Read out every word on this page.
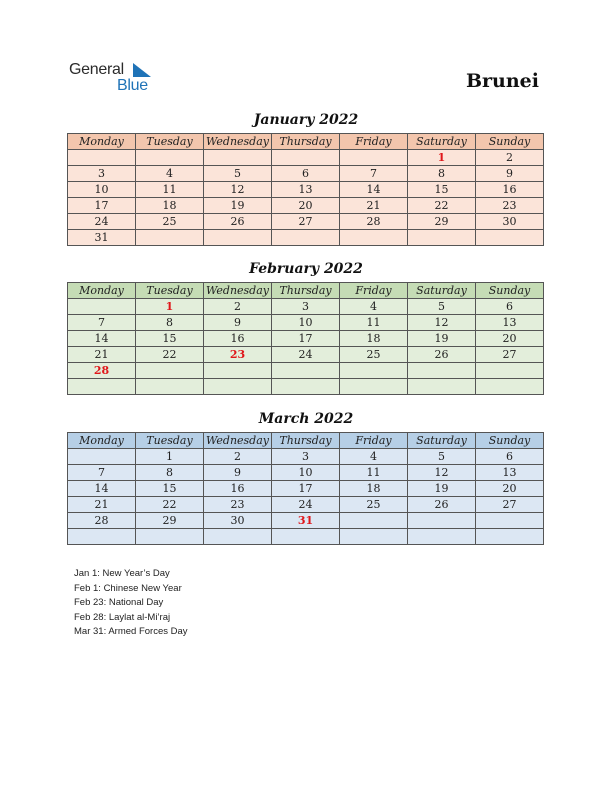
General
Blue	Brunei
January 2022
Monday	Tuesday	Wednesday	Thursday	Friday	Saturday	Sunday
					1	2
3	4	5	6	7	8	9
10	11	12	13	14	15	16
17	18	19	20	21	22	23
24	25	26	27	28	29	30
31						
February 2022
Monday	Tuesday	Wednesday	Thursday	Friday	Saturday	Sunday
	1	2	3	4	5	6
7	8	9	10	11	12	13
14	15	16	17	18	19	20
21	22	23	24	25	26	27
28						

March 2022
Monday	Tuesday	Wednesday	Thursday	Friday	Saturday	Sunday
	1	2	3	4	5	6
7	8	9	10	11	12	13
14	15	16	17	18	19	20
21	22	23	24	25	26	27
28	29	30	31			

Jan 1: New Year’s Day
Feb 1: Chinese New Year
Feb 23: National Day
Feb 28: Laylat al-Mi’raj
Mar 31: Armed Forces Day
